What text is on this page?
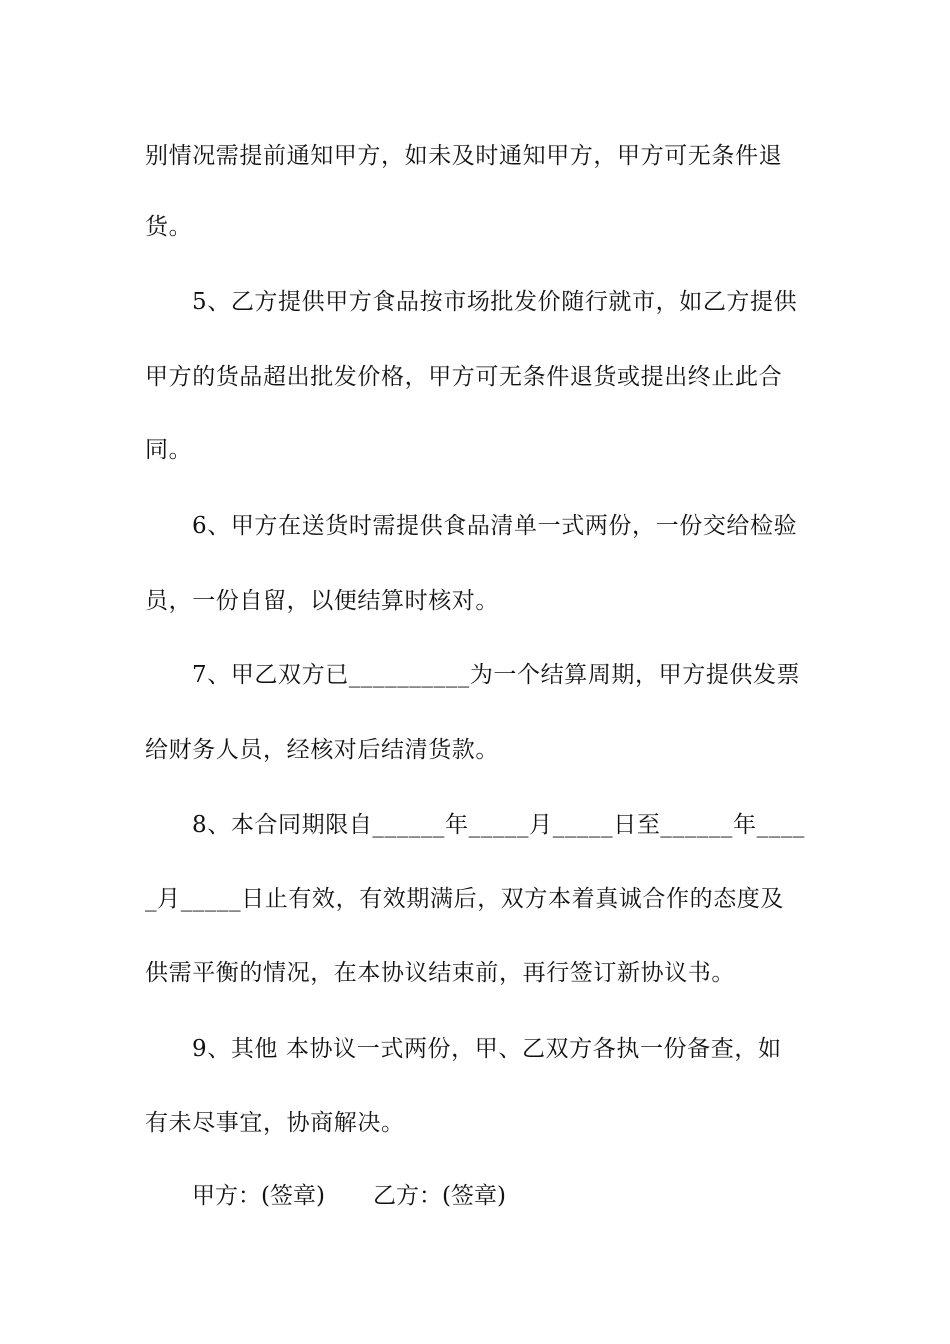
别情况需提前通知甲方，如未及时通知甲方，甲方可无条件退
货。
5、乙方提供甲方食品按市场批发价随行就市，如乙方提供
甲方的货品超出批发价格，甲方可无条件退货或提出终止此合
同。
6、甲方在送货时需提供食品清单一式两份，一份交给检验
员，一份自留，以便结算时核对。
7、甲乙双方已__________为一个结算周期，甲方提供发票
给财务人员，经核对后结清货款。
8、本合同期限自______年_____月_____日至______年____
_月_____日止有效，有效期满后，双方本着真诚合作的态度及
供需平衡的情况，在本协议结束前，再行签订新协议书。
9、其他 本协议一式两份，甲、乙双方各执一份备查，如
有未尽事宜，协商解决。
甲方：(签章) 乙方：(签章)
